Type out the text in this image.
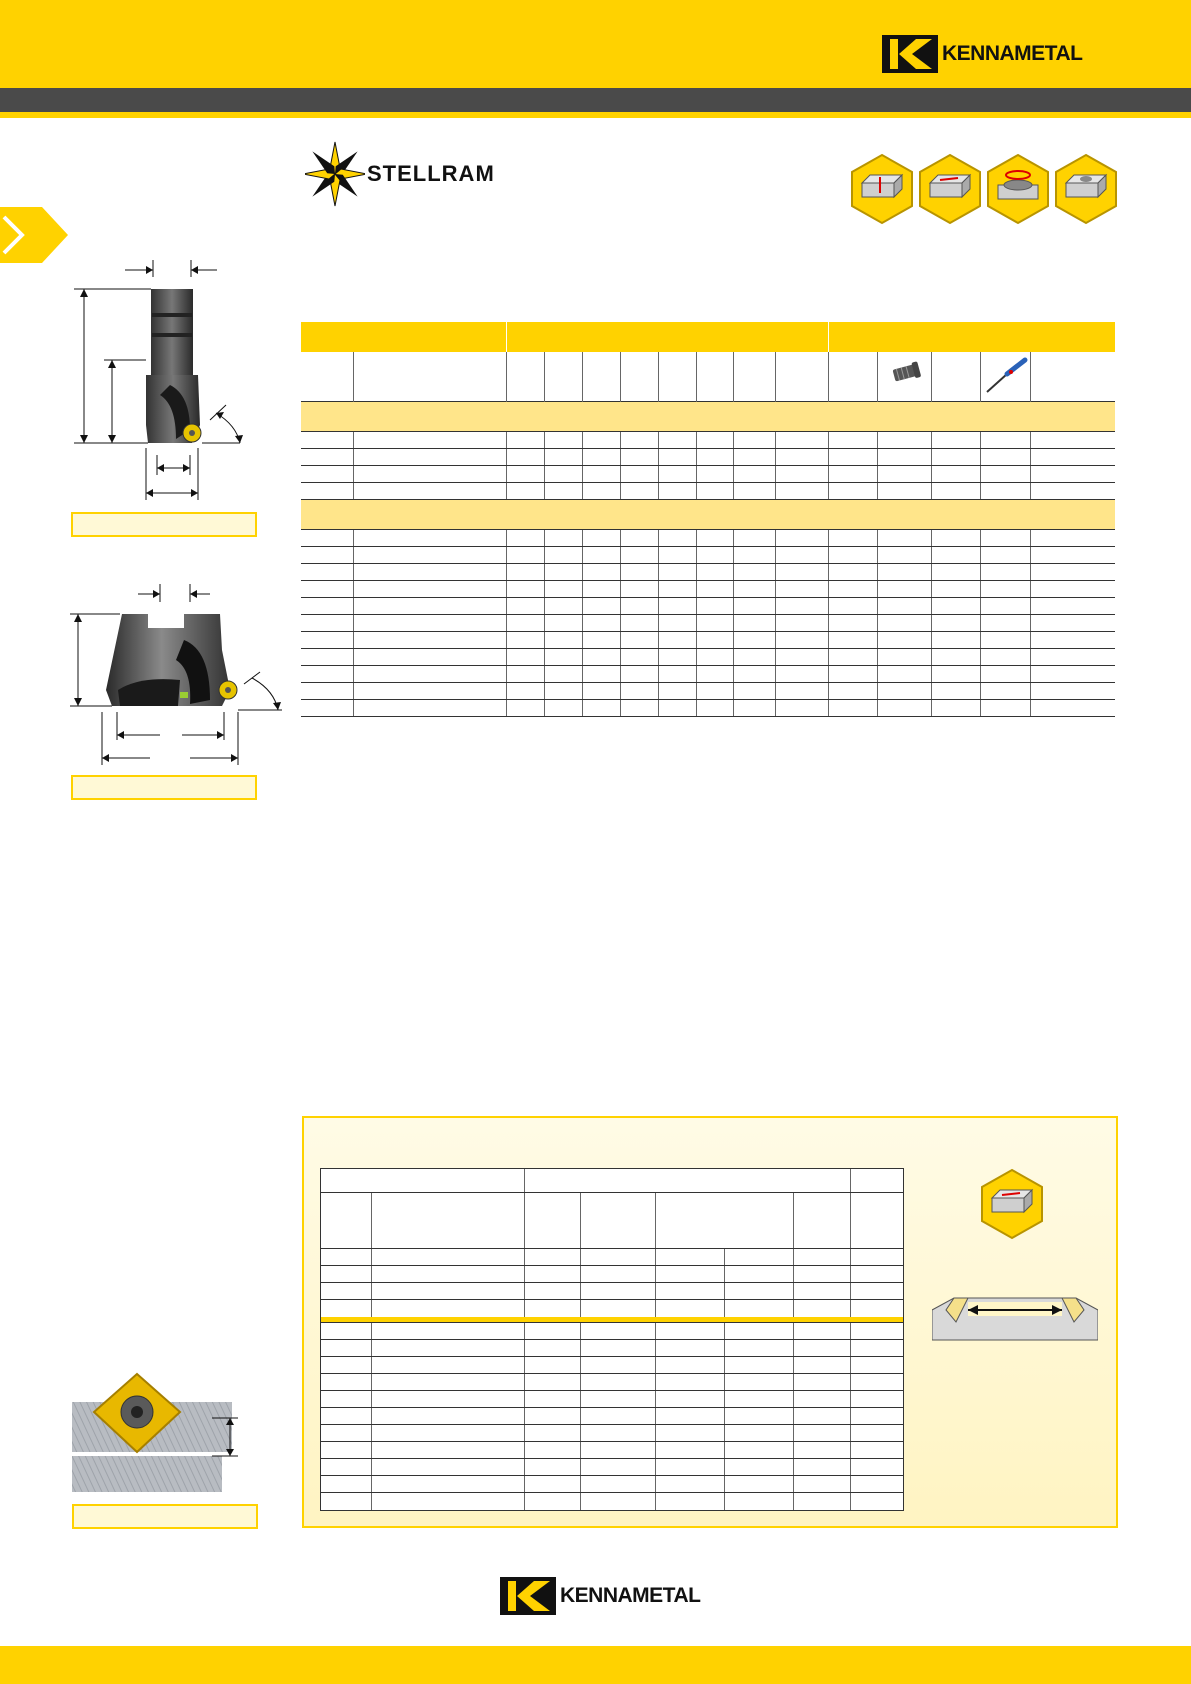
KENNAMETAL
STELLRAM
KENNAMETAL
